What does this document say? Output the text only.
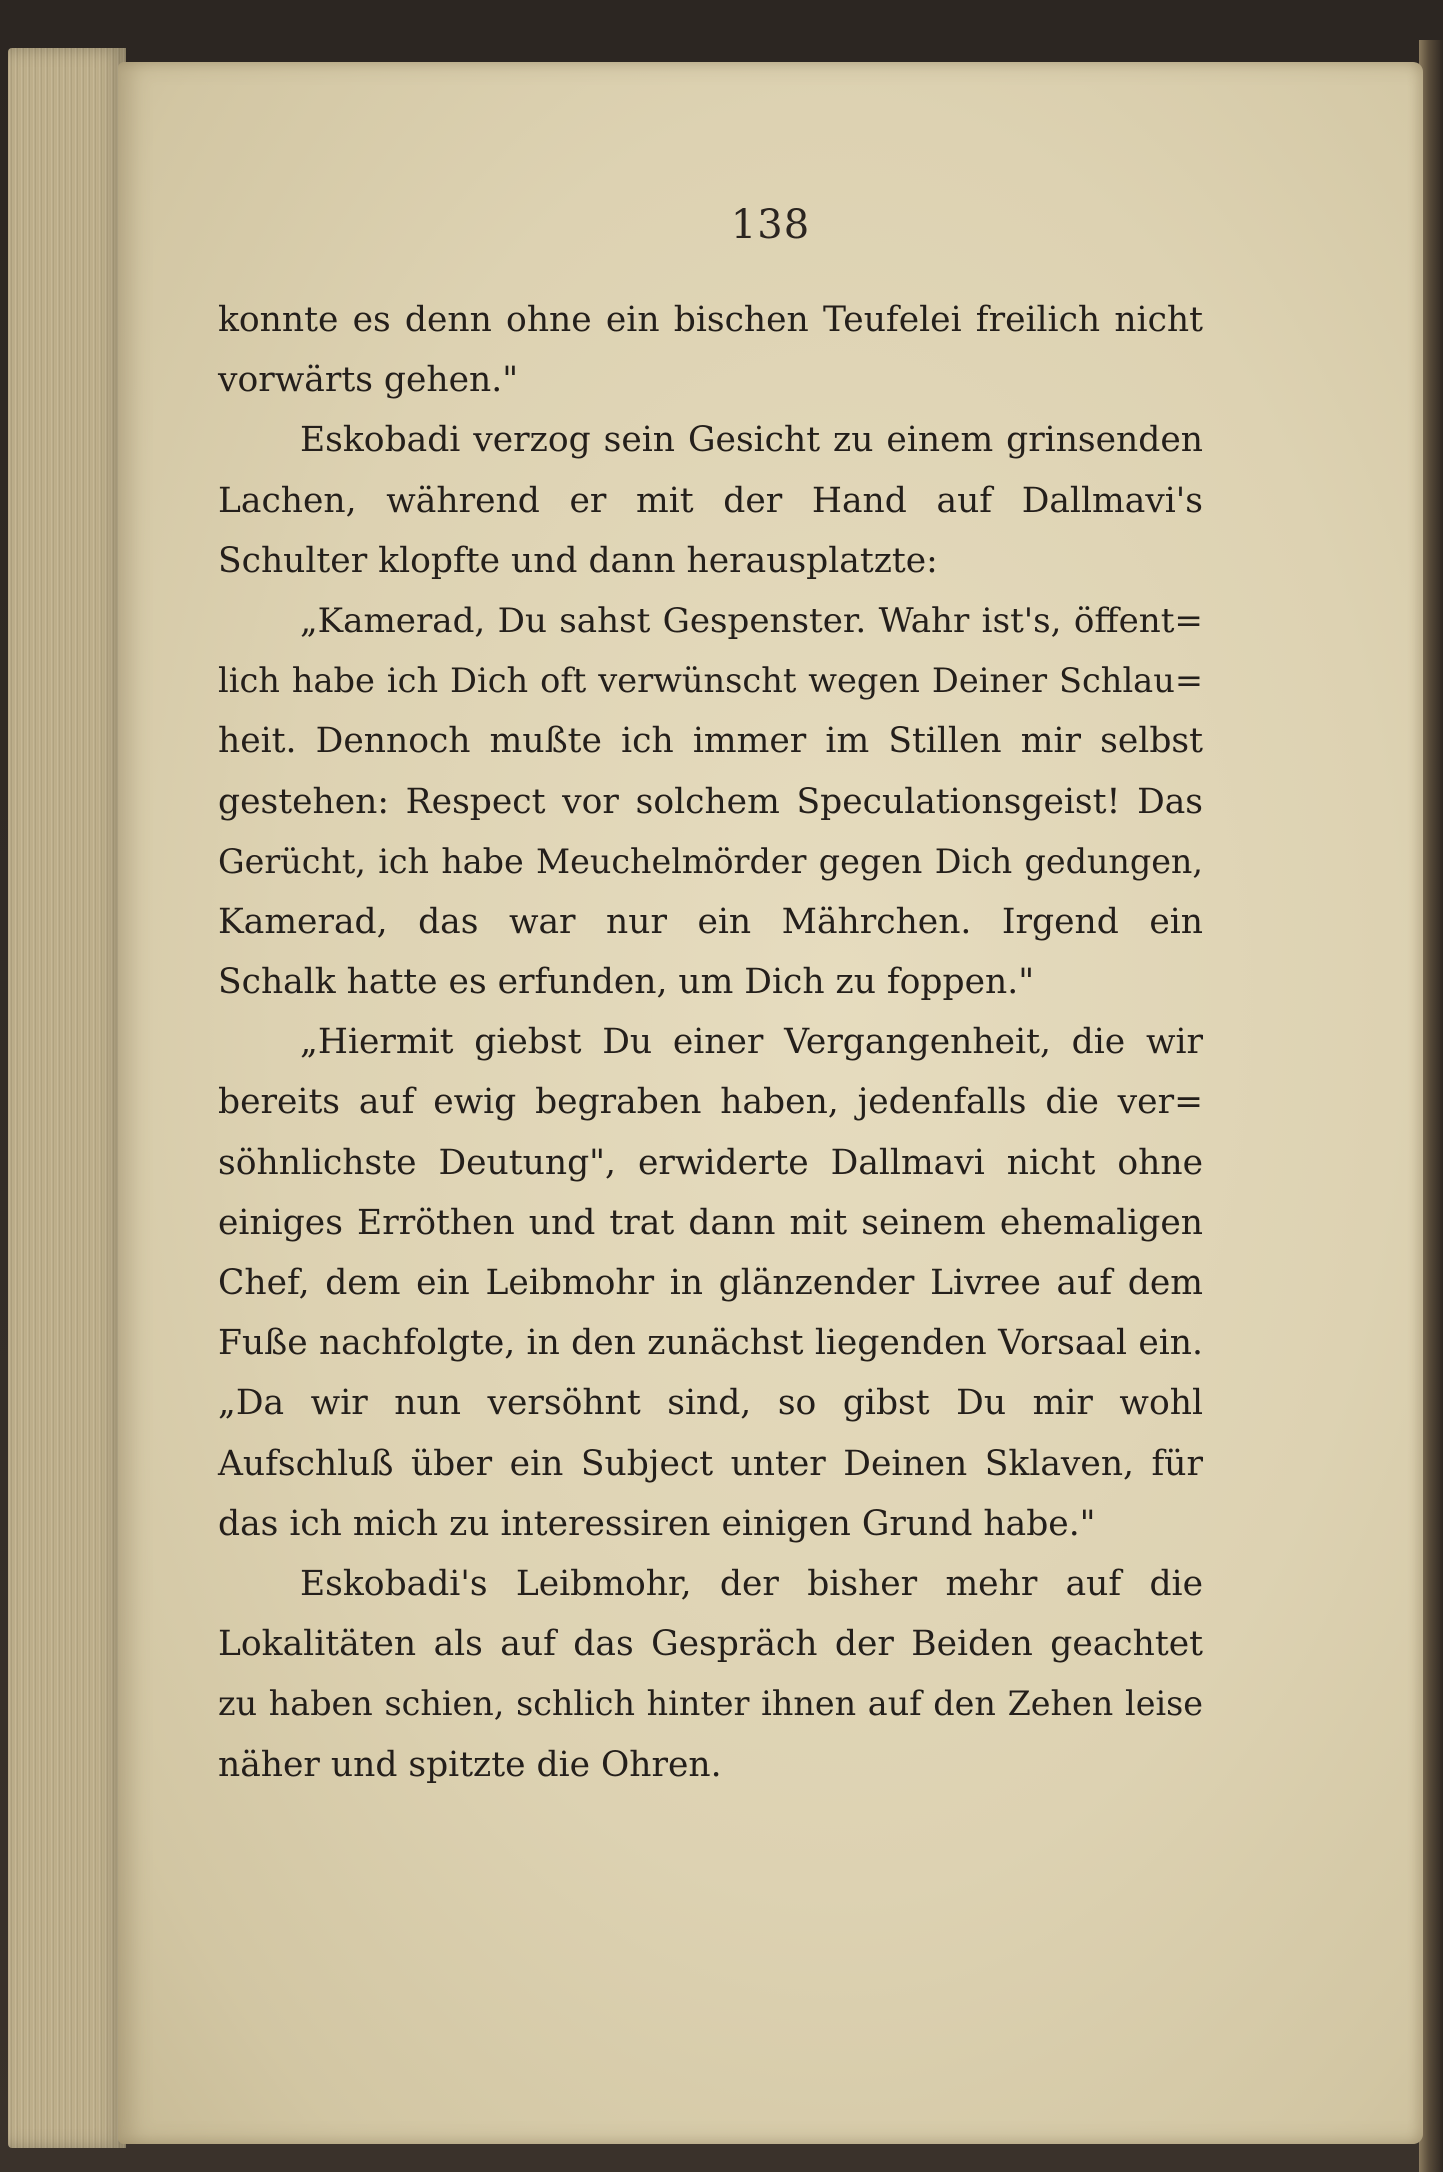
138
konnte es denn ohne ein bischen Teufelei freilich nicht
vorwärts gehen."
Eskobadi verzog sein Gesicht zu einem grinsenden
Lachen, während er mit der Hand auf Dallmavi's
Schulter klopfte und dann herausplatzte:
„Kamerad, Du sahst Gespenster. Wahr ist's, öffent=
lich habe ich Dich oft verwünscht wegen Deiner Schlau=
heit. Dennoch mußte ich immer im Stillen mir selbst
gestehen: Respect vor solchem Speculationsgeist! Das
Gerücht, ich habe Meuchelmörder gegen Dich gedungen,
Kamerad, das war nur ein Mährchen. Irgend ein
Schalk hatte es erfunden, um Dich zu foppen."
„Hiermit giebst Du einer Vergangenheit, die wir
bereits auf ewig begraben haben, jedenfalls die ver=
söhnlichste Deutung", erwiderte Dallmavi nicht ohne
einiges Erröthen und trat dann mit seinem ehemaligen
Chef, dem ein Leibmohr in glänzender Livree auf dem
Fuße nachfolgte, in den zunächst liegenden Vorsaal ein.
„Da wir nun versöhnt sind, so gibst Du mir wohl
Aufschluß über ein Subject unter Deinen Sklaven, für
das ich mich zu interessiren einigen Grund habe."
Eskobadi's Leibmohr, der bisher mehr auf die
Lokalitäten als auf das Gespräch der Beiden geachtet
zu haben schien, schlich hinter ihnen auf den Zehen leise
näher und spitzte die Ohren.
